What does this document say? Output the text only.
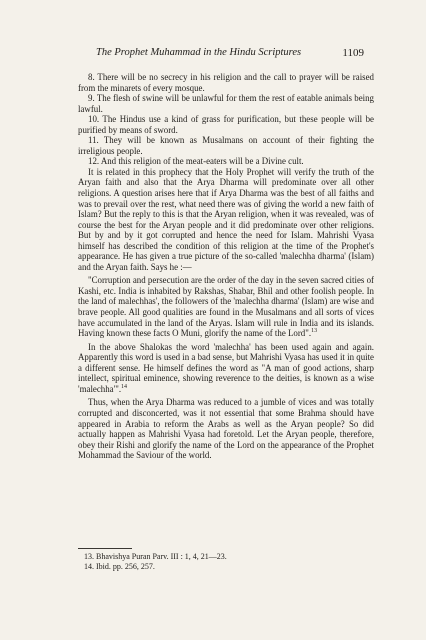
The Prophet Muhammad in the Hindu Scriptures	1109

8. There will be no secrecy in his religion and the call to prayer will be raised from the minarets of every mosque.

9. The flesh of swine will be unlawful for them the rest of eatable animals being lawful.

10. The Hindus use a kind of grass for purification, but these people will be purified by means of sword.

11. They will be known as Musalmans on account of their fighting the irreligious people.

12. And this religion of the meat-eaters will be a Divine cult.

It is related in this prophecy that the Holy Prophet will verify the truth of the Aryan faith and also that the Arya Dharma will predominate over all other religions. A question arises here that if Arya Dharma was the best of all faiths and was to prevail over the rest, what need there was of giving the world a new faith of Islam? But the reply to this is that the Aryan religion, when it was revealed, was of course the best for the Aryan people and it did predominate over other religions. But by and by it got corrupted and hence the need for Islam. Mahrishi Vyasa himself has described the condition of this religion at the time of the Prophet's appearance. He has given a true picture of the so-called 'malechha dharma' (Islam) and the Aryan faith. Says he :—

"Corruption and persecution are the order of the day in the seven sacred cities of Kashi, etc. India is inhabited by Rakshas, Shabar, Bhil and other foolish people. In the land of malechhas', the followers of the 'malechha dharma' (Islam) are wise and brave people. All good qualities are found in the Musalmans and all sorts of vices have accumulated in the land of the Aryas. Islam will rule in India and its islands. Having known these facts O Muni, glorify the name of the Lord".$^{13}$

In the above Shalokas the word 'malechha' has been used again and again. Apparently this word is used in a bad sense, but Mahrishi Vyasa has used it in quite a different sense. He himself defines the word as "A man of good actions, sharp intellect, spiritual eminence, showing reverence to the deities, is known as a wise 'malechha'".$^{14}$

Thus, when the Arya Dharma was reduced to a jumble of vices and was totally corrupted and disconcerted, was it not essential that some Brahma should have appeared in Arabia to reform the Arabs as well as the Aryan people? So did actually happen as Mahrishi Vyasa had foretold. Let the Aryan people, therefore, obey their Rishi and glorify the name of the Lord on the appearance of the Prophet Mohammad the Saviour of the world.

13. Bhavishya Puran Parv. III : 1, 4, 21—23.
14. Ibid. pp. 256, 257.
